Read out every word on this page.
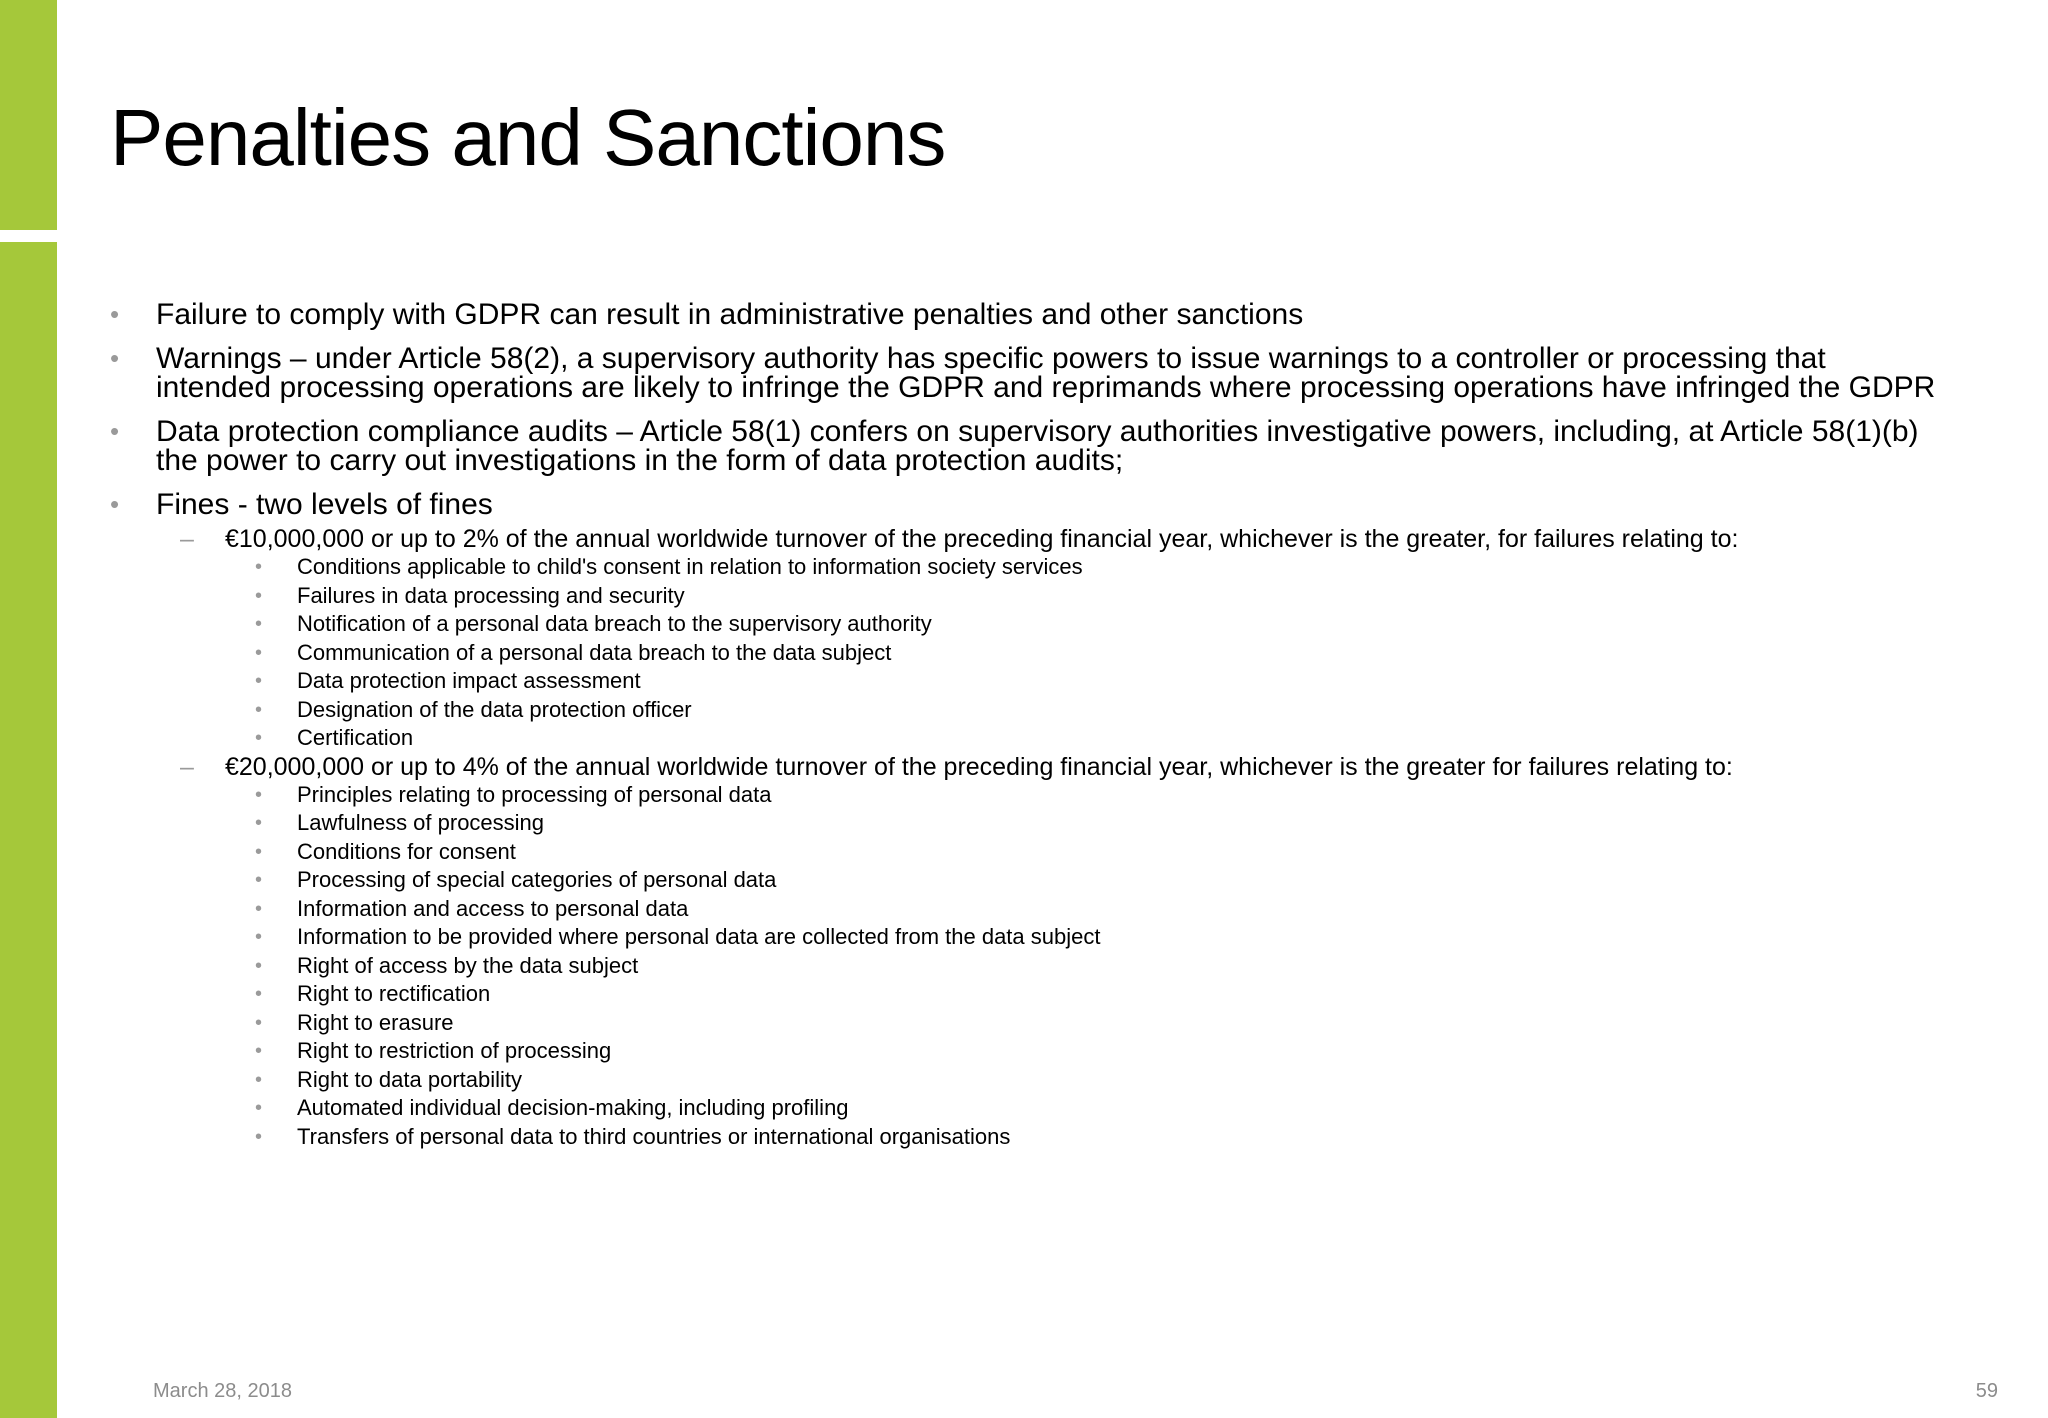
Penalties and Sanctions
•	Failure to comply with GDPR can result in administrative penalties and other sanctions
•	Warnings – under Article 58(2), a supervisory authority has specific powers to issue warnings to a controller or processing that intended processing operations are likely to infringe the GDPR and reprimands where processing operations have infringed the GDPR
•	Data protection compliance audits – Article 58(1) confers on supervisory authorities investigative powers, including, at Article 58(1)(b) the power to carry out investigations in the form of data protection audits;
•	Fines - two levels of fines
– €10,000,000 or up to 2% of the annual worldwide turnover of the preceding financial year, whichever is the greater, for failures relating to:
• Conditions applicable to child's consent in relation to information society services
• Failures in data processing and security
• Notification of a personal data breach to the supervisory authority
• Communication of a personal data breach to the data subject
• Data protection impact assessment
• Designation of the data protection officer
• Certification
– €20,000,000 or up to 4% of the annual worldwide turnover of the preceding financial year, whichever is the greater for failures relating to:
• Principles relating to processing of personal data
• Lawfulness of processing
• Conditions for consent
• Processing of special categories of personal data
• Information and access to personal data
• Information to be provided where personal data are collected from the data subject
• Right of access by the data subject
• Right to rectification
• Right to erasure
• Right to restriction of processing
• Right to data portability
• Automated individual decision-making, including profiling
• Transfers of personal data to third countries or international organisations
March 28, 2018	59
